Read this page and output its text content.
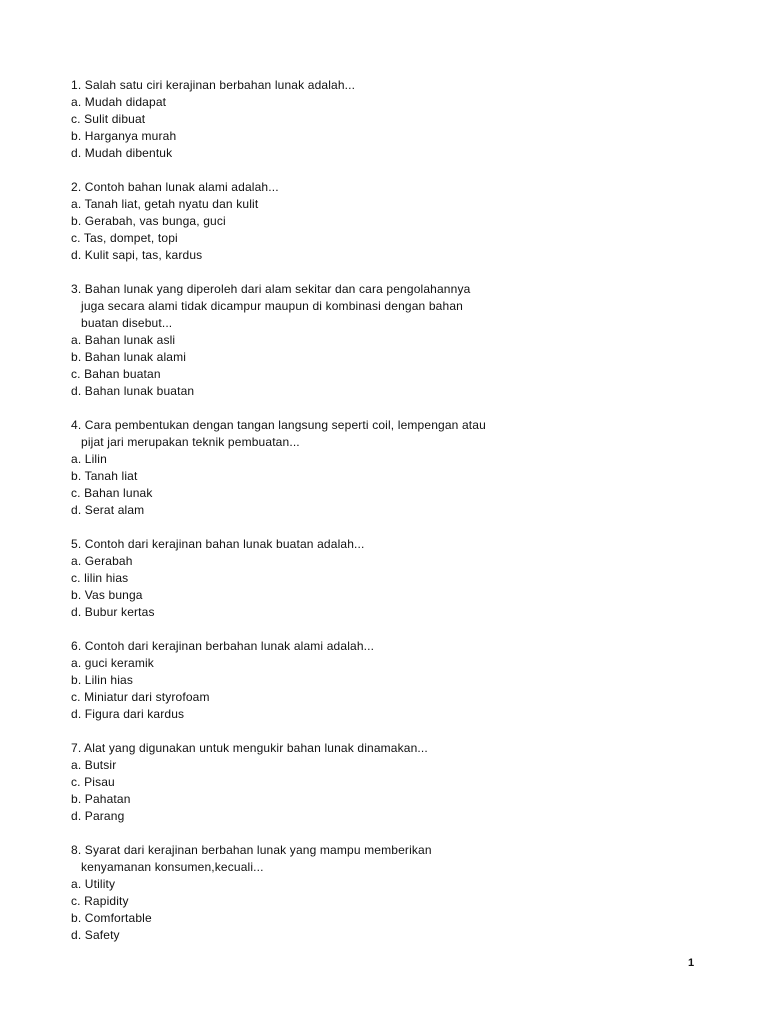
1. Salah satu ciri kerajinan berbahan lunak adalah...
a. Mudah didapat
c. Sulit dibuat
b. Harganya murah
d. Mudah dibentuk
2. Contoh bahan lunak alami adalah...
a. Tanah liat, getah nyatu dan kulit
b. Gerabah, vas bunga, guci
c. Tas, dompet, topi
d. Kulit sapi, tas, kardus
3. Bahan lunak yang diperoleh dari alam sekitar dan cara pengolahannya
juga secara alami tidak dicampur maupun di kombinasi dengan bahan
buatan disebut...
a. Bahan lunak asli
b. Bahan lunak alami
c. Bahan buatan
d. Bahan lunak buatan
4. Cara pembentukan dengan tangan langsung seperti coil, lempengan atau
pijat jari merupakan teknik pembuatan...
a. Lilin
b. Tanah liat
c. Bahan lunak
d. Serat alam
5. Contoh dari kerajinan bahan lunak buatan adalah...
a. Gerabah
c. lilin hias
b. Vas bunga
d. Bubur kertas
6. Contoh dari kerajinan berbahan lunak alami adalah...
a. guci keramik
b. Lilin hias
c. Miniatur dari styrofoam
d. Figura dari kardus
7. Alat yang digunakan untuk mengukir bahan lunak dinamakan...
a. Butsir
c. Pisau
b. Pahatan
d. Parang
8. Syarat dari kerajinan berbahan lunak yang mampu memberikan
kenyamanan konsumen,kecuali...
a. Utility
c. Rapidity
b. Comfortable
d. Safety
1
